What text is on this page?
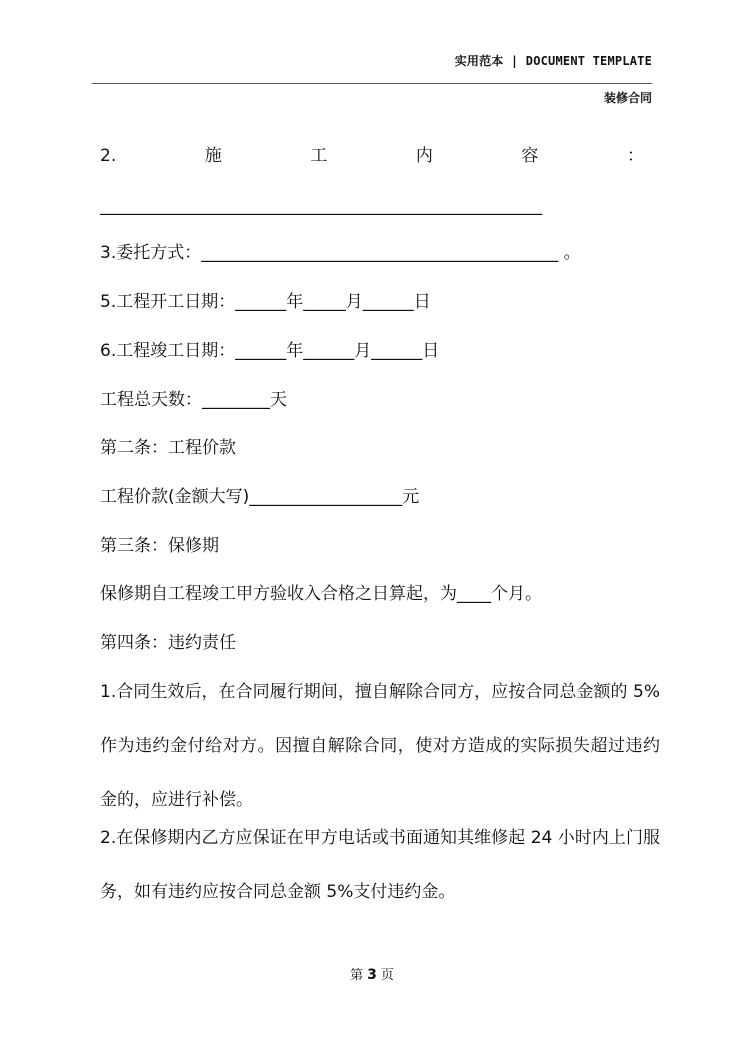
实用范本 | DOCUMENT TEMPLATE
装修合同
2.	施	工	内	容	：
____________________________________________________
3.委托方式：__________________________________________ 。
5.工程开工日期：______年_____月______日
6.工程竣工日期：______年______月______日
工程总天数：________天
第二条：工程价款
工程价款(金额大写)__________________元
第三条：保修期
保修期自工程竣工甲方验收入合格之日算起，为____个月。
第四条：违约责任
1.合同生效后，在合同履行期间，擅自解除合同方，应按合同总金额的 5%作为违约金付给对方。因擅自解除合同，使对方造成的实际损失超过违约金的，应进行补偿。
2.在保修期内乙方应保证在甲方电话或书面通知其维修起 24 小时内上门服务，如有违约应按合同总金额 5%支付违约金。
第 3 页
